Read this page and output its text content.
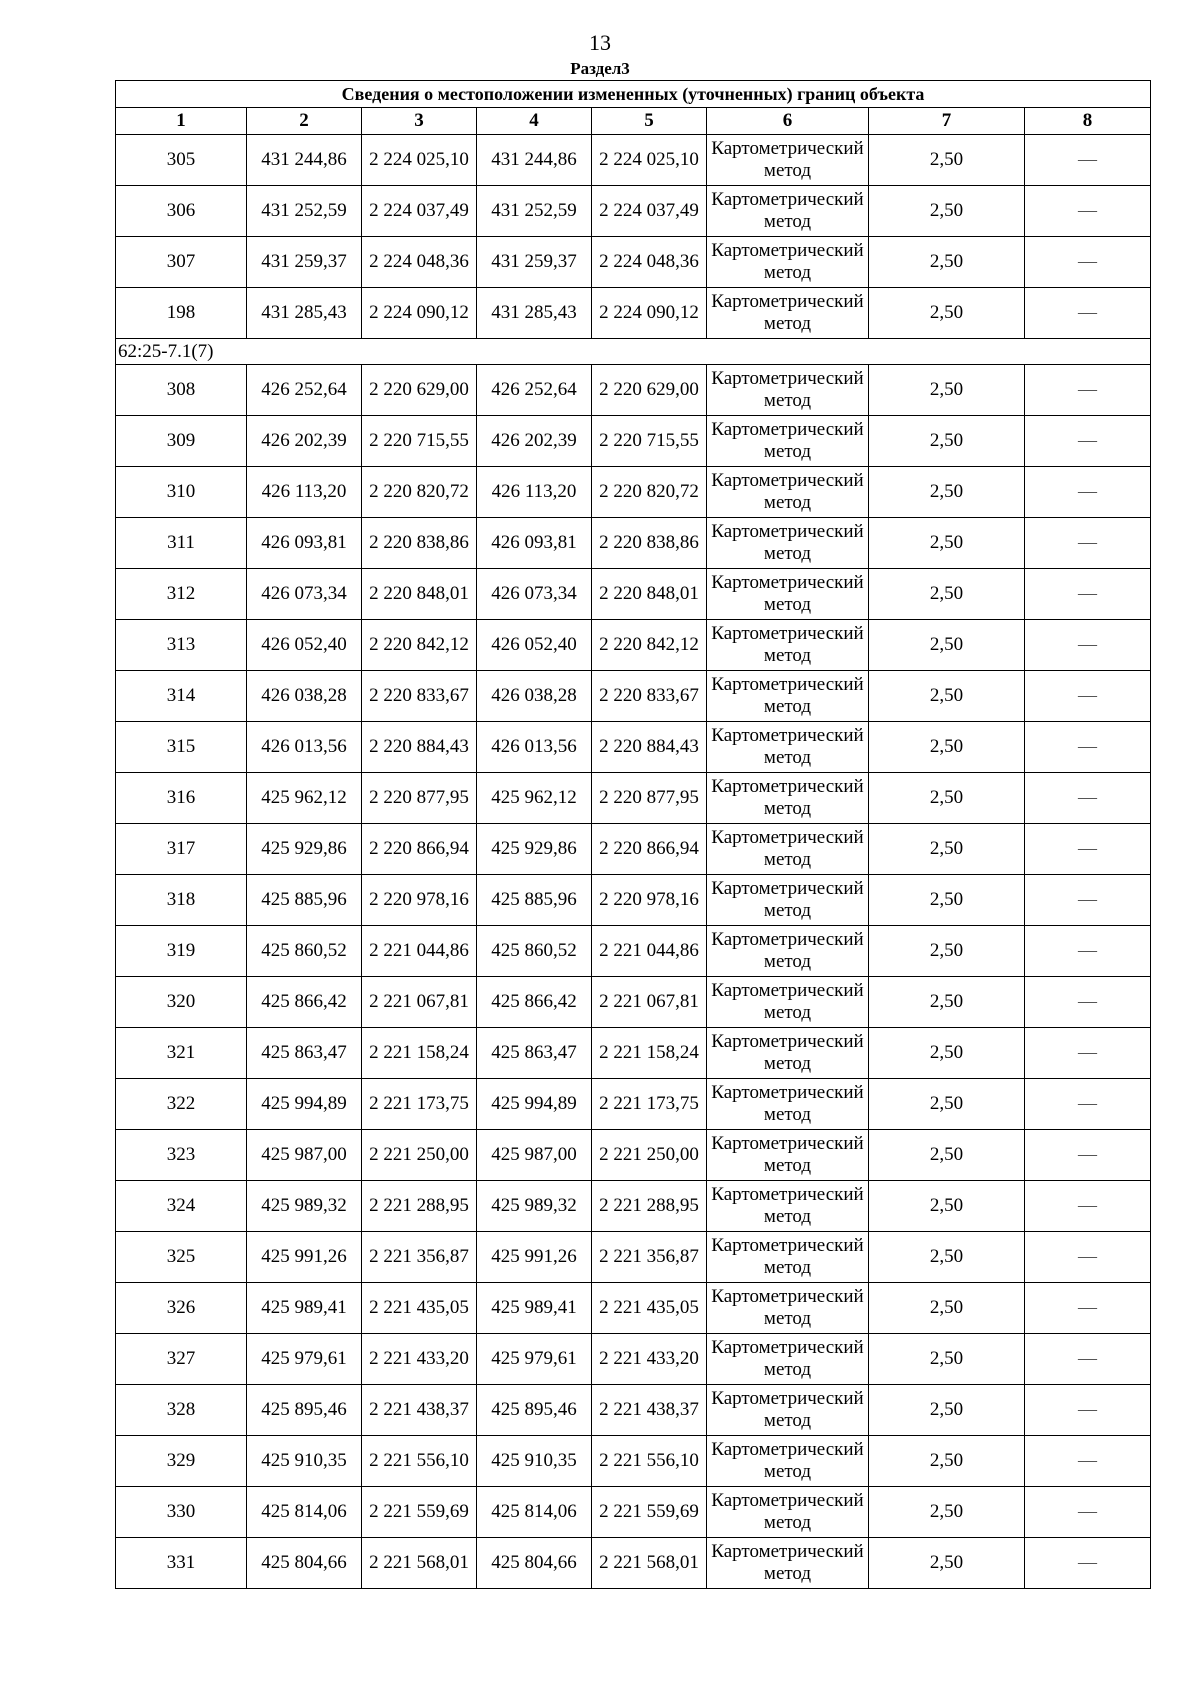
13
Раздел3
Сведения о местоположении измененных (уточненных) границ объекта							
1	2	3	4	5	6	7	8
305	431 244,86	2 224 025,10	431 244,86	2 224 025,10	Картометрический метод	2,50	—
306	431 252,59	2 224 037,49	431 252,59	2 224 037,49	Картометрический метод	2,50	—
307	431 259,37	2 224 048,36	431 259,37	2 224 048,36	Картометрический метод	2,50	—
198	431 285,43	2 224 090,12	431 285,43	2 224 090,12	Картометрический метод	2,50	—
62:25-7.1(7)							
308	426 252,64	2 220 629,00	426 252,64	2 220 629,00	Картометрический метод	2,50	—
309	426 202,39	2 220 715,55	426 202,39	2 220 715,55	Картометрический метод	2,50	—
310	426 113,20	2 220 820,72	426 113,20	2 220 820,72	Картометрический метод	2,50	—
311	426 093,81	2 220 838,86	426 093,81	2 220 838,86	Картометрический метод	2,50	—
312	426 073,34	2 220 848,01	426 073,34	2 220 848,01	Картометрический метод	2,50	—
313	426 052,40	2 220 842,12	426 052,40	2 220 842,12	Картометрический метод	2,50	—
314	426 038,28	2 220 833,67	426 038,28	2 220 833,67	Картометрический метод	2,50	—
315	426 013,56	2 220 884,43	426 013,56	2 220 884,43	Картометрический метод	2,50	—
316	425 962,12	2 220 877,95	425 962,12	2 220 877,95	Картометрический метод	2,50	—
317	425 929,86	2 220 866,94	425 929,86	2 220 866,94	Картометрический метод	2,50	—
318	425 885,96	2 220 978,16	425 885,96	2 220 978,16	Картометрический метод	2,50	—
319	425 860,52	2 221 044,86	425 860,52	2 221 044,86	Картометрический метод	2,50	—
320	425 866,42	2 221 067,81	425 866,42	2 221 067,81	Картометрический метод	2,50	—
321	425 863,47	2 221 158,24	425 863,47	2 221 158,24	Картометрический метод	2,50	—
322	425 994,89	2 221 173,75	425 994,89	2 221 173,75	Картометрический метод	2,50	—
323	425 987,00	2 221 250,00	425 987,00	2 221 250,00	Картометрический метод	2,50	—
324	425 989,32	2 221 288,95	425 989,32	2 221 288,95	Картометрический метод	2,50	—
325	425 991,26	2 221 356,87	425 991,26	2 221 356,87	Картометрический метод	2,50	—
326	425 989,41	2 221 435,05	425 989,41	2 221 435,05	Картометрический метод	2,50	—
327	425 979,61	2 221 433,20	425 979,61	2 221 433,20	Картометрический метод	2,50	—
328	425 895,46	2 221 438,37	425 895,46	2 221 438,37	Картометрический метод	2,50	—
329	425 910,35	2 221 556,10	425 910,35	2 221 556,10	Картометрический метод	2,50	—
330	425 814,06	2 221 559,69	425 814,06	2 221 559,69	Картометрический метод	2,50	—
331	425 804,66	2 221 568,01	425 804,66	2 221 568,01	Картометрический метод	2,50	—
